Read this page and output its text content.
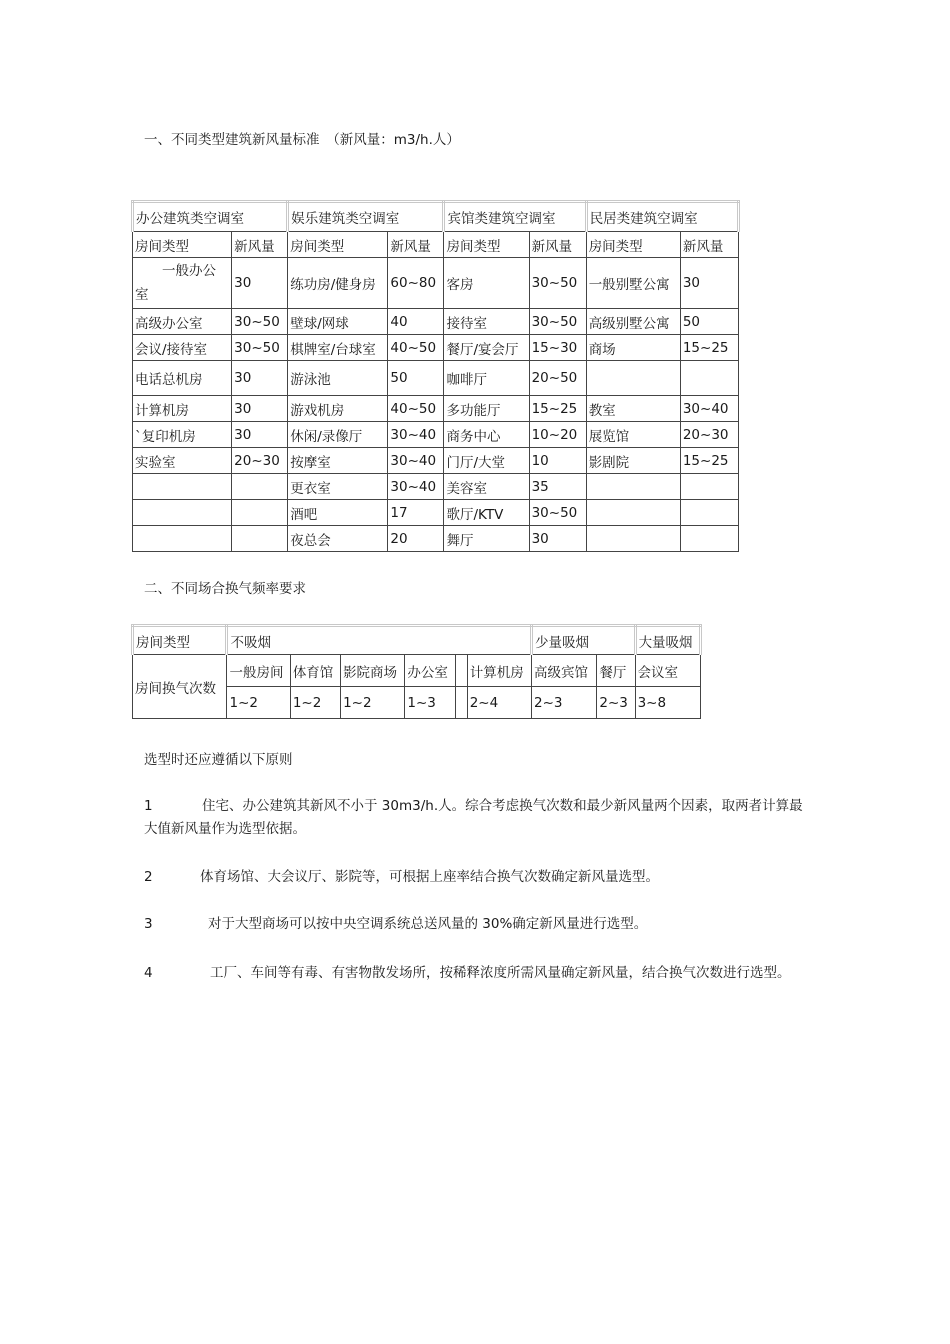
一、不同类型建筑新风量标准　（新风量：m3/h.人）
办公建筑类空调室		娱乐建筑类空调室		宾馆类建筑空调室		民居类建筑空调室	
房间类型	新风量	房间类型	新风量	房间类型	新风量	房间类型	新风量
　　一般办公室	30	练功房/健身房	60~80	客房	30~50	一般别墅公寓	30
高级办公室	30~50	壁球/网球	40	接待室	30~50	高级别墅公寓	50
会议/接待室	30~50	棋牌室/台球室	40~50	餐厅/宴会厅	15~30	商场	15~25
电话总机房	30	游泳池	50	咖啡厅	20~50		
计算机房	30	游戏机房	40~50	多功能厅	15~25	教室	30~40
`复印机房	30	休闲/录像厅	30~40	商务中心	10~20	展览馆	20~30
实验室	20~30	按摩室	30~40	门厅/大堂	10	影剧院	15~25
		更衣室	30~40	美容室	35		
		酒吧	17	歌厅/KTV	30~50		
		夜总会	20	舞厅	30		
二、不同场合换气频率要求
房间类型	不吸烟						少量吸烟		大量吸烟
房间换气次数	一般房间	体育馆	影院商场	办公室		计算机房	高级宾馆	餐厅	会议室
	1~2	1~2	1~2	1~3		2~4	2~3	2~3	3~8
选型时还应遵循以下原则
1	住宅、办公建筑其新风不小于 30m3/h.人。综合考虑换气次数和最少新风量两个因素，取两者计算最大值新风量作为选型依据。
2	体育场馆、大会议厅、影院等，可根据上座率结合换气次数确定新风量选型。
3	对于大型商场可以按中央空调系统总送风量的 30%确定新风量进行选型。
4	工厂、车间等有毒、有害物散发场所，按稀释浓度所需风量确定新风量，结合换气次数进行选型。
